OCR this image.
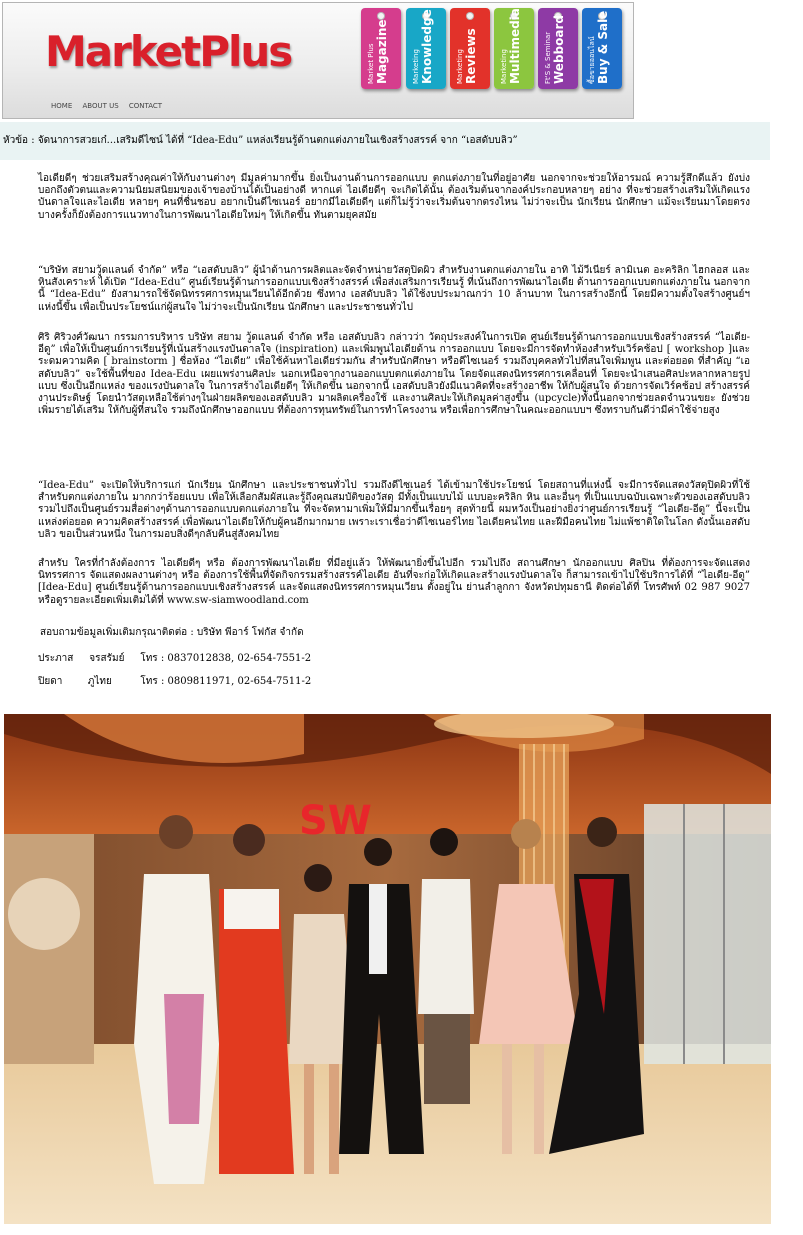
MarketPlus
HOME ABOUT US CONTACT
Market Plus Magazine	Marketing Knowledge	Marketing Reviews	Marketing Multimedia	Ft'S & Seminar Webboard	ซื้อขายออนไลน์ Buy & Sale
หัวข้อ : จัดนาการสวยเก๋...เสริมดีไซน์ ได้ที่ “Idea-Edu” แหล่งเรียนรู้ด้านตกแต่งภายในเชิงสร้างสรรค์ จาก “เอสดับบลิว”

ไอเดียดีๆ ช่วยเสริมสร้างคุณค่าให้กับงานต่างๆ มีมูลค่ามากขึ้น ยิ่งเป็นงานด้านการออกแบบ ตกแต่งภายในที่อยู่อาศัย นอกจากจะช่วยให้อารมณ์ ความรู้สึกดีแล้ว ยังบ่งบอกถึงตัวตนและความนิยมสนิยมของเจ้าของบ้านได้เป็นอย่างดี หากแต่ ไอเดียดีๆ จะเกิดได้นั้น ต้องเริ่มต้นจากองค์ประกอบหลายๆ อย่าง ที่จะช่วยสร้างเสริมให้เกิดแรงบันดาลใจและไอเดีย หลายๆ คนที่ชื่นชอบ อยากเป็นดีไซเนอร์ อยากมีไอเดียดีๆ แต่ก็ไม่รู้ว่าจะเริ่มต้นจากตรงไหน ไม่ว่าจะเป็น นักเรียน นักศึกษา แม้จะเรียนมาโดยตรง บางครั้งก็ยังต้องการแนวทางในการพัฒนาไอเดียใหม่ๆ ให้เกิดขึ้น ทันตามยุคสมัย

“บริษัท สยามวู้ดแลนด์ จำกัด” หรือ “เอสดับบลิว” ผู้นำด้านการผลิตและจัดจำหน่ายวัสดุปิดผิว สำหรับงานตกแต่งภายใน อาทิ ไม้วีเนียร์ ลามิเนต อะคริลิก ไฮกลอส และหินสังเคราะห์ ได้เปิด “Idea-Edu” ศูนย์เรียนรู้ด้านการออกแบบเชิงสร้างสรรค์ เพื่อส่งเสริมการเรียนรู้ ที่เน้นถึงการพัฒนาไอเดีย ด้านการออกแบบตกแต่งภายใน นอกจากนี้ “Idea-Edu” ยังสามารถใช้จัดนิทรรศการหมุนเวียนได้อีกด้วย ซึ่งทาง เอสดับบลิว ได้ใช้งบประมาณกว่า 10 ล้านบาท ในการสร้างอีกนี้ โดยมีความตั้งใจสร้างศูนย์ฯแห่งนี้ขึ้น เพื่อเป็นประโยชน์แก่ผู้สนใจ ไม่ว่าจะเป็นนักเรียน นักศึกษา และประชาชนทั่วไป

ศิริ ศิริวงศ์วัฒนา กรรมการบริหาร บริษัท สยาม วู้ดแลนด์ จำกัด หรือ เอสดับบลิว กล่าวว่า วัตถุประสงค์ในการเปิด ศูนย์เรียนรู้ด้านการออกแบบเชิงสร้างสรรค์ “ไอเดีย-อีดู” เพื่อให้เป็นศูนย์การเรียนรู้ที่เน้นสร้างแรงบันดาลใจ (inspiration) และเพิ่มพูนไอเดียด้าน การออกแบบ โดยจะมีการจัดทำห้องสำหรับเวิร์คช้อป [ workshop ]และ ระดมความคิด [ brainstorm ] ชื่อห้อง “ไอเดีย” เพื่อใช้ค้นหาไอเดียร่วมกัน สำหรับนักศึกษา หรือดีไซเนอร์ รวมถึงบุคคลทั่วไปที่สนใจเพิ่มพูน และต่อยอด ที่สำคัญ “เอสดับบลิว” จะใช้พื้นที่ของ Idea-Edu เผยแพร่งานศิลปะ นอกเหนือจากงานออกแบบตกแต่งภายใน โดยจัดแสดงนิทรรศการเคลื่อนที่ โดยจะนำเสนอศิลปะหลากหลายรูปแบบ ซึ่งเป็นอีกแหล่ง ของแรงบันดาลใจ ในการสร้างไอเดียดีๆ ให้เกิดขึ้น นอกจากนี้ เอสดับบลิวยังมีแนวคิดที่จะสร้างอาชีพ ให้กับผู้สนใจ ด้วยการจัดเวิร์คช้อป สร้างสรรค์งานประดิษฐ์ โดยนำวัสดุเหลือใช้ต่างๆในฝ่ายผลิตของเอสดับบลิว มาผลิตเครื่องใช้ และงานศิลปะให้เกิดมูลค่าสูงขึ้น (upcycle)ทั้งนี้นอกจากช่วยลดจำนวนขยะ ยังช่วยเพิ่มรายได้เสริม ให้กับผู้ที่สนใจ รวมถึงนักศึกษาออกแบบ ที่ต้องการทุนทรัพย์ในการทำโครงงาน หรือเพื่อการศึกษาในคณะออกแบบฯ ซึ่งทราบกันดีว่ามีค่าใช้จ่ายสูง

“Idea-Edu” จะเปิดให้บริการแก่ นักเรียน นักศึกษา และประชาชนทั่วไป รวมถึงดีไซเนอร์ ได้เข้ามาใช้ประโยชน์ โดยสถานที่แห่งนี้ จะมีการจัดแสดงวัสดุปิดผิวที่ใช้สำหรับตกแต่งภายใน มากกว่าร้อยแบบ เพื่อให้เลือกสัมผัสและรู้ถึงคุณสมบัติของวัสดุ มีทั้งเป็นแบบไม้ แบบอะคริลิก หิน และอื่นๆ ที่เป็นแบบฉบับเฉพาะตัวของเอสดับบลิว รวมไปถึงเป็นศูนย์รวมสื่อต่างๆด้านการออกแบบตกแต่งภายใน ที่จะจัดหามาเพิ่มให้มีมากขึ้นเรื่อยๆ สุดท้ายนี้ ผมหวังเป็นอย่างยิ่งว่าศูนย์การเรียนรู้ “ไอเดีย-อีดู” นี้จะเป็นแหล่งต่อยอด ความคิดสร้างสรรค์ เพื่อพัฒนาไอเดียให้กับผู้คนอีกมากมาย เพราะเราเชื่อว่าดีไซเนอร์ไทย ไอเดียคนไทย และฝีมือคนไทย ไม่แพ้ชาติใดในโลก ดังนั้นเอสดับบลิว ขอเป็นส่วนหนึ่ง ในการมอบสิ่งดีๆกลับคืนสู่สังคมไทย

สำหรับ ใครที่กำลังต้องการ ไอเดียดีๆ หรือ ต้องการพัฒนาไอเดีย ที่มีอยู่แล้ว ให้พัฒนายิ่งขึ้นไปอีก รวมไปถึง สถานศึกษา นักออกแบบ ศิลปิน ที่ต้องการจะจัดแสดงนิทรรศการ จัดแสดงผลงานต่างๆ หรือ ต้องการใช้พื้นที่จัดกิจกรรมสร้างสรรค์ไอเดีย อันที่จะก่อให้เกิดและสร้างแรงบันดาลใจ ก็สามารถเข้าไปใช้บริการได้ที่ “ไอเดีย-อีดู” [Idea-Edu] ศูนย์เรียนรู้ด้านการออกแบบเชิงสร้างสรรค์ และจัดแสดงนิทรรศการหมุนเวียน ตั้งอยู่ใน ย่านลำลูกกา จังหวัดปทุมธานี ติดต่อได้ที่ โทรศัพท์ 02 987 9027 หรือดูรายละเอียดเพิ่มเติมได้ที่ www.sw-siamwoodland.com

สอบถามข้อมูลเพิ่มเติมกรุณาติดต่อ : บริษัท พีอาร์ โฟกัส จำกัด

ประภาส     จรสรัมย์     โทร : 0837012838, 02-654-7551-2

ปิยดา        ภูไทย         โทร : 0809811971, 02-654-7511-2

SW
